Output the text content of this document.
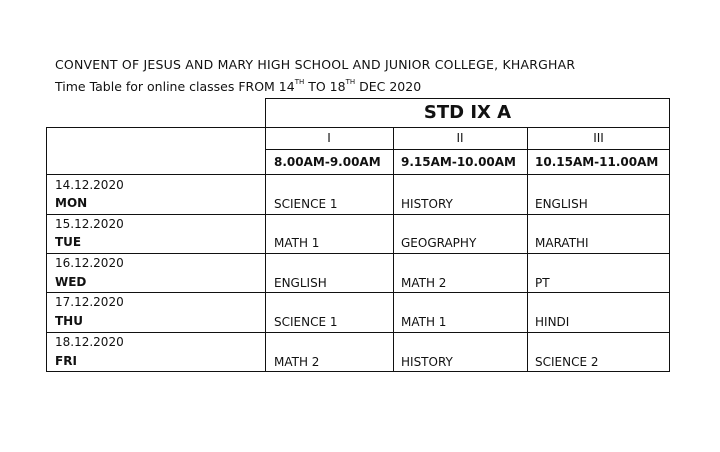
CONVENT OF JESUS AND MARY HIGH SCHOOL AND JUNIOR COLLEGE, KHARGHAR
Time Table for online classes FROM 14TH TO 18TH DEC 2020
STD IX A
I	II	III
8.00AM-9.00AM 9.15AM-10.00AM 10.15AM-11.00AM
14.12.2020
MON	SCIENCE 1	HISTORY	ENGLISH
15.12.2020
TUE	MATH 1	GEOGRAPHY	MARATHI
16.12.2020
WED	ENGLISH	MATH 2	PT
17.12.2020
THU	SCIENCE 1	MATH 1	HINDI
18.12.2020
FRI	MATH 2	HISTORY	SCIENCE 2
